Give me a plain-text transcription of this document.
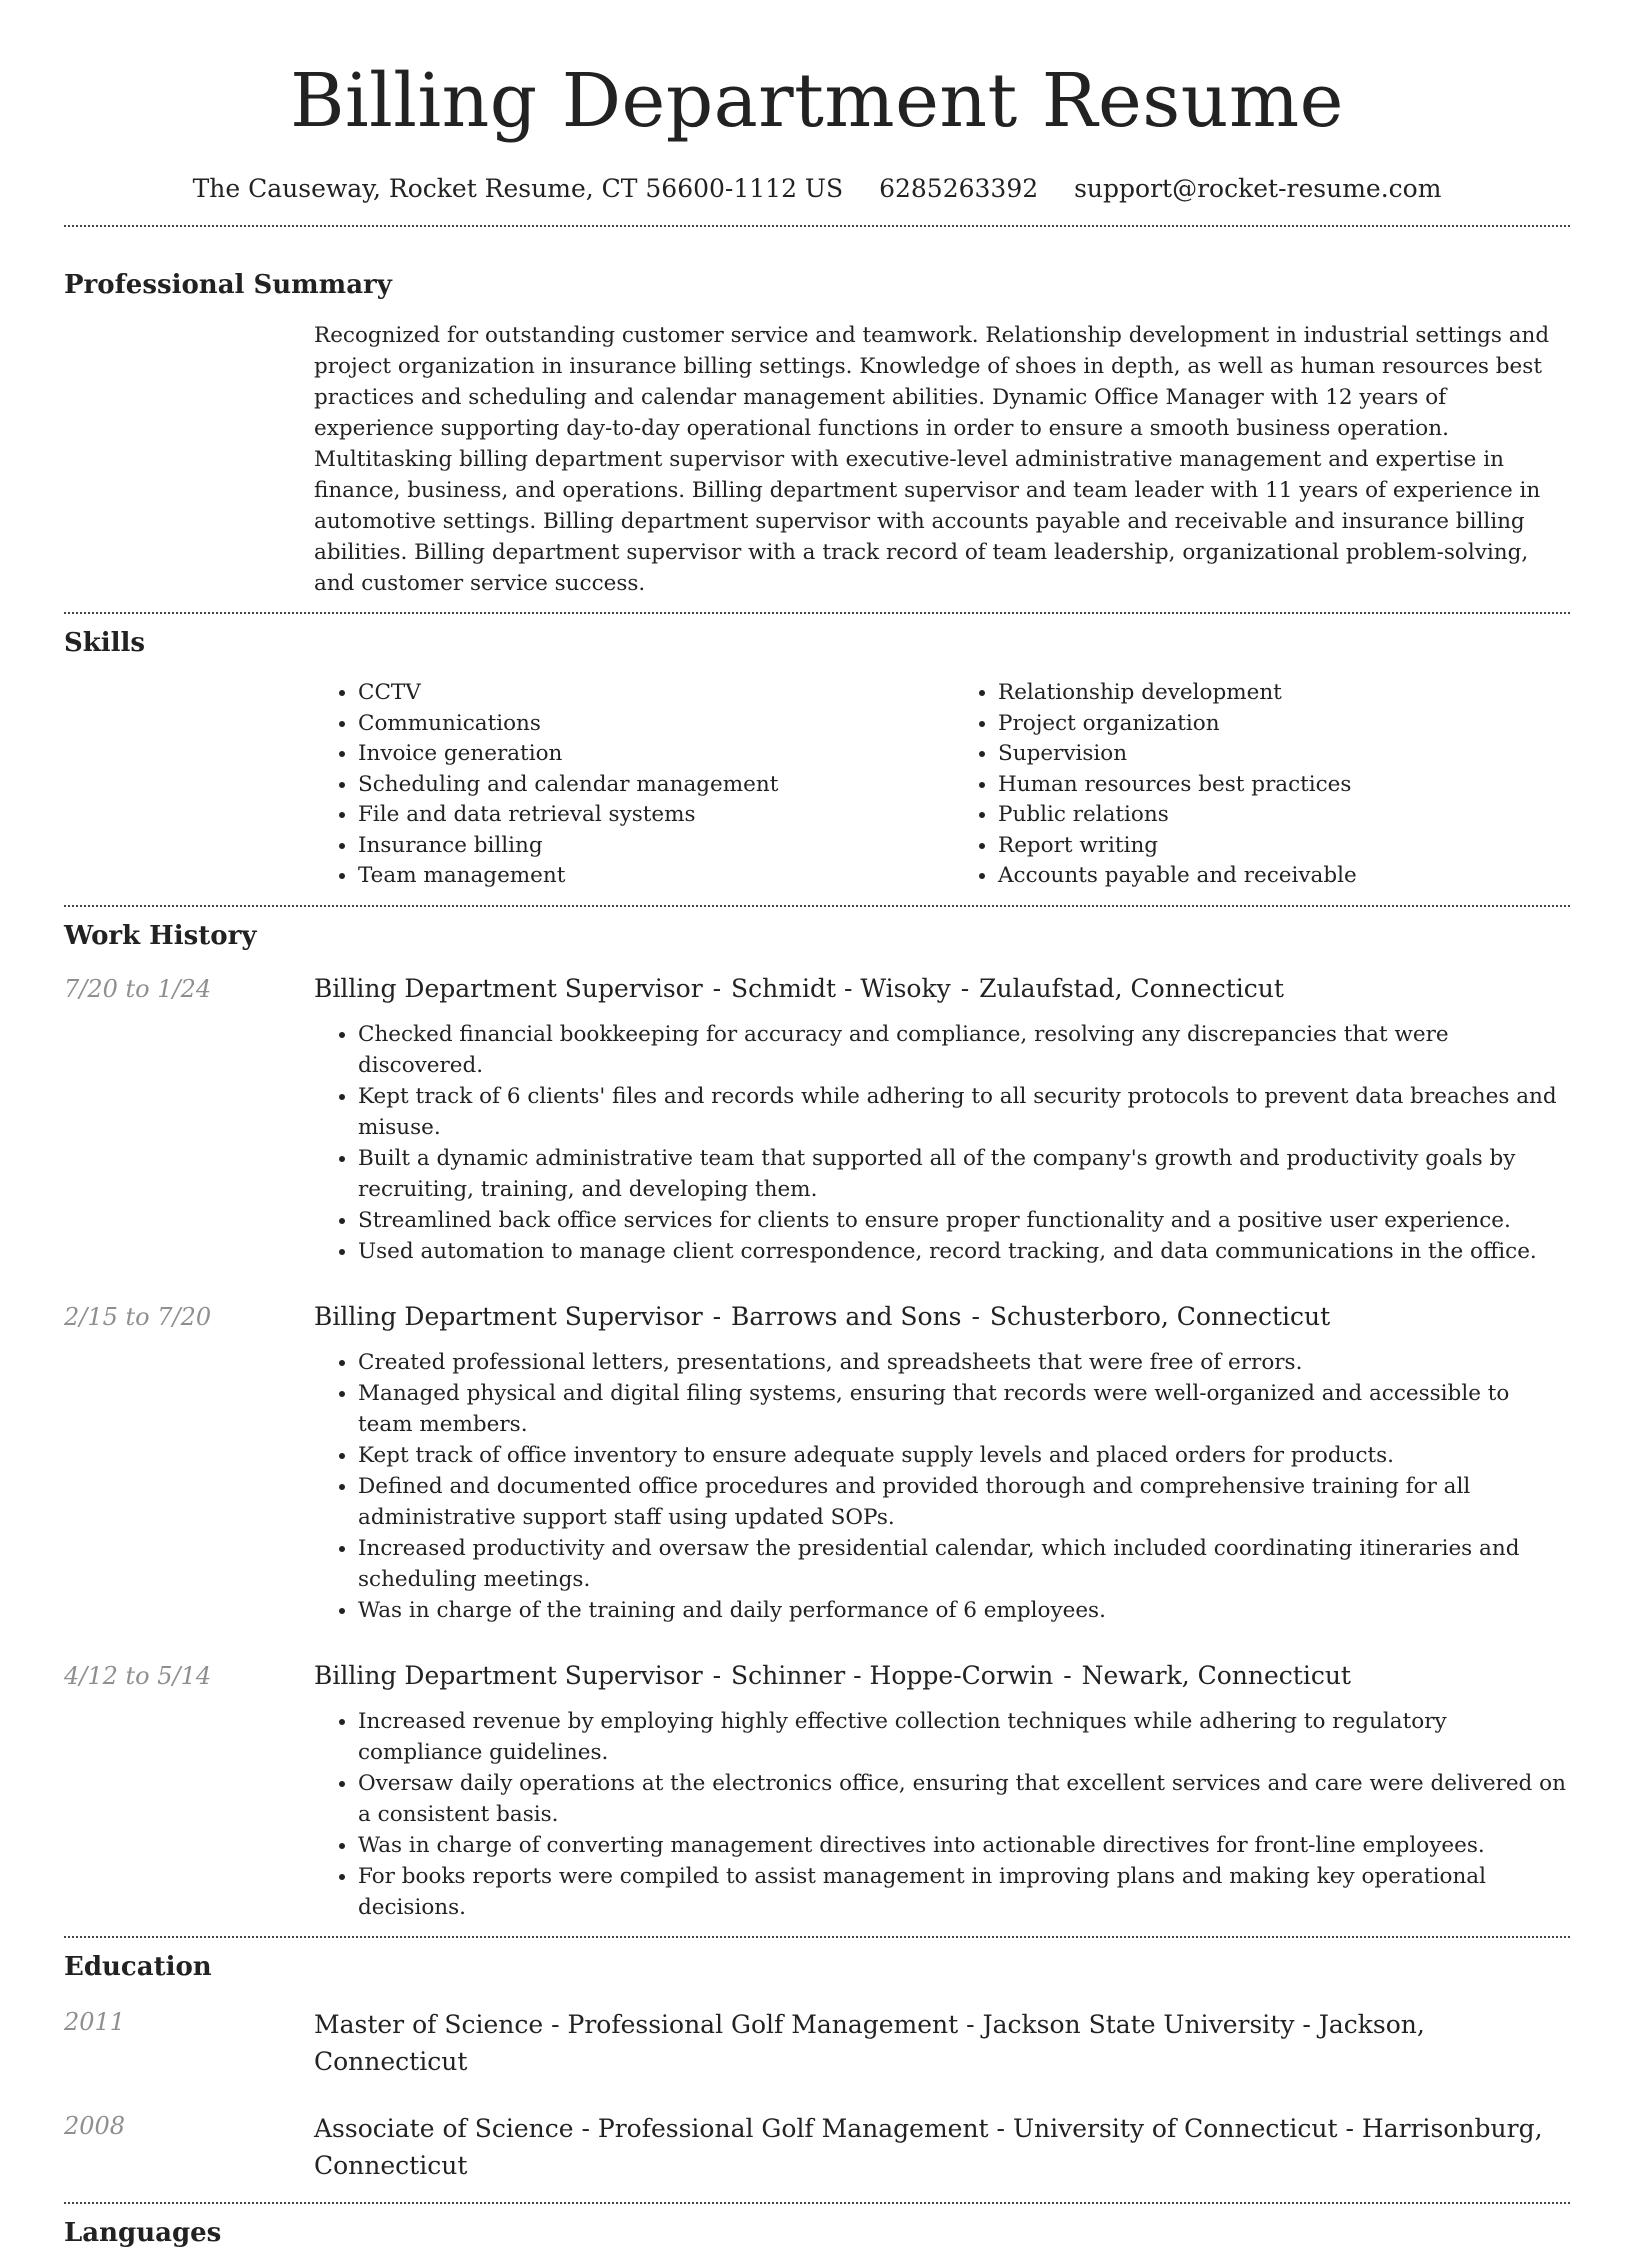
Billing Department Resume
The Causeway, Rocket Resume, CT 56600-1112 US 6285263392 support@rocket-resume.com
Professional Summary

Recognized for outstanding customer service and teamwork. Relationship development in industrial settings and project organization in insurance billing settings. Knowledge of shoes in depth, as well as human resources best practices and scheduling and calendar management abilities. Dynamic Office Manager with 12 years of experience supporting day-to-day operational functions in order to ensure a smooth business operation. Multitasking billing department supervisor with executive-level administrative management and expertise in finance, business, and operations. Billing department supervisor and team leader with 11 years of experience in automotive settings. Billing department supervisor with accounts payable and receivable and insurance billing abilities. Billing department supervisor with a track record of team leadership, organizational problem-solving, and customer service success.

Skills
• CCTV
• Communications
• Invoice generation
• Scheduling and calendar management
• File and data retrieval systems
• Insurance billing
• Team management
• Relationship development
• Project organization
• Supervision
• Human resources best practices
• Public relations
• Report writing
• Accounts payable and receivable
Work History
7/20 to 1/24	Billing Department Supervisor - Schmidt - Wisoky - Zulaufstad, Connecticut

• Checked financial bookkeeping for accuracy and compliance, resolving any discrepancies that were discovered.
• Kept track of 6 clients' files and records while adhering to all security protocols to prevent data breaches and misuse.
• Built a dynamic administrative team that supported all of the company's growth and productivity goals by recruiting, training, and developing them.
• Streamlined back office services for clients to ensure proper functionality and a positive user experience.
• Used automation to manage client correspondence, record tracking, and data communications in the office.
2/15 to 7/20	Billing Department Supervisor - Barrows and Sons - Schusterboro, Connecticut

• Created professional letters, presentations, and spreadsheets that were free of errors.
• Managed physical and digital filing systems, ensuring that records were well-organized and accessible to team members.
• Kept track of office inventory to ensure adequate supply levels and placed orders for products.
• Defined and documented office procedures and provided thorough and comprehensive training for all administrative support staff using updated SOPs.
• Increased productivity and oversaw the presidential calendar, which included coordinating itineraries and scheduling meetings.
• Was in charge of the training and daily performance of 6 employees.
4/12 to 5/14	Billing Department Supervisor - Schinner - Hoppe-Corwin - Newark, Connecticut

• Increased revenue by employing highly effective collection techniques while adhering to regulatory compliance guidelines.
• Oversaw daily operations at the electronics office, ensuring that excellent services and care were delivered on a consistent basis.
• Was in charge of converting management directives into actionable directives for front-line employees.
• For books reports were compiled to assist management in improving plans and making key operational decisions.
Education
2011	Master of Science - Professional Golf Management - Jackson State University - Jackson, Connecticut
2008	Associate of Science - Professional Golf Management - University of Connecticut - Harrisonburg, Connecticut
Languages
